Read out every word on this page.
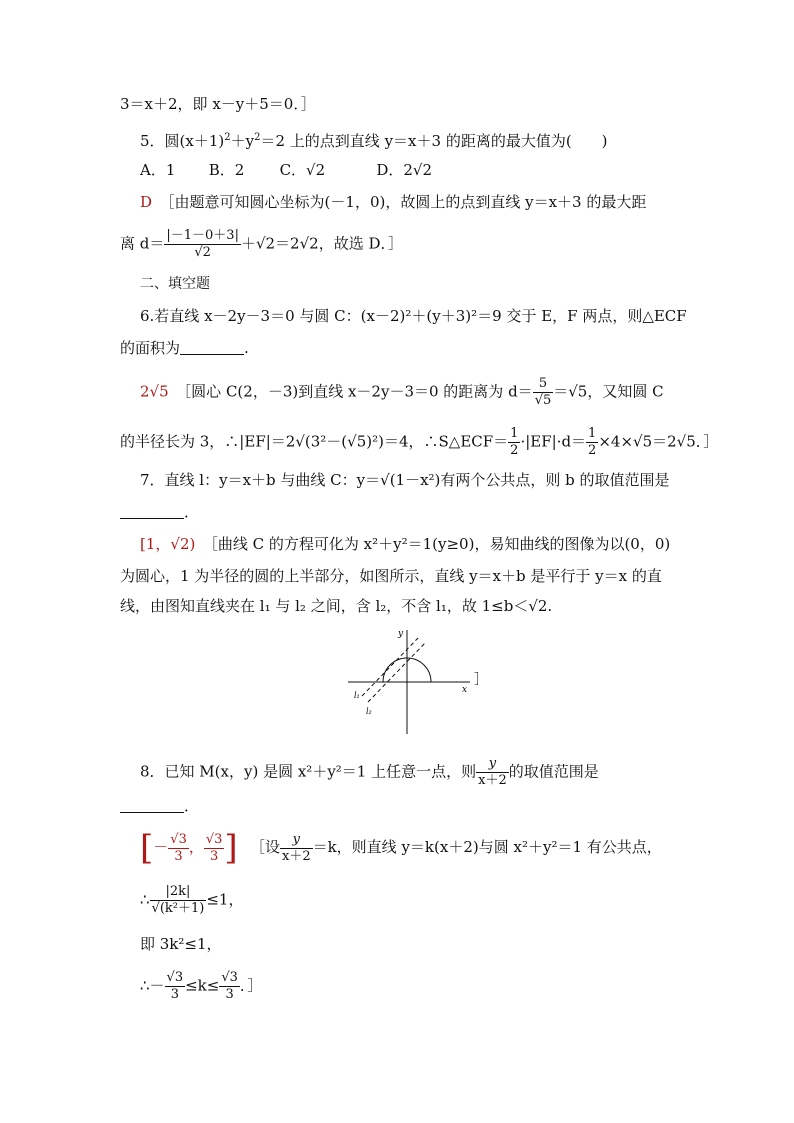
3＝x＋2，即 x－y＋5＝0．］
5．圆$(x+1)^2+y^2=2$ 上的点到直线 y＝x＋3 的距离的最大值为(　　)
A．1 B．2 C．√2	D．2√2
D　 ［由题意可知圆心坐标为(－1，0)，故圆上的点到直线 y＝x＋3 的最大距
离 $d= \frac{|-1-0+3|}{√2} +√2=2√2$，故选 D．］
二、填空题
6.若直线 x－2y－3＝0 与圆 C：(x－2)²＋(y＋3)²＝9 交于 E，F 两点，则△ECF
的面积为	.
2√5　 ［圆心 C(2，－3)到直线 x－2y－3＝0 的距离为 $d= \frac{5}{√5} =√5$，又知圆 C
的半径长为 3，∴|EF|＝2√(3²－(√5)²)＝4，∴S△ECF＝ $\frac{1}{2} \cdot|EF|\cdot d= \frac{1}{2} \times 4\times√5=2√5$．］
7．直线 l：y＝x＋b 与曲线 C：y＝√(1－x²)有两个公共点，则 b 的取值范围是
．
[1，√2)　 ［曲线 C 的方程可化为 x²＋y²＝1(y≥0)，易知曲线的图像为以(0，0)
为圆心，1 为半径的圆的上半部分，如图所示，直线 y＝x＋b 是平行于 y＝x 的直
线，由图知直线夹在 l₁ 与 l₂ 之间，含 l₂，不含 l₁，故 1≤b＜√2.
y
x
l₁
l₂
］
8．已知 M(x，y) 是圆 x²＋y²＝1 上任意一点，则 $\frac{y}{x+2}$ 的取值范围是
．
[－ $\frac{√3}{3}$ ， $\frac{√3}{3}$ ] 　 ［设 $\frac{y}{x+2} =k$，则直线 y＝k(x＋2)与圆 x²＋y²＝1 有公共点，
∴ $\frac{|2k|}{\text{√(k²＋1)}} \le 1$，
即 3k²≤1，
∴－ $\frac{√3}{3} \le k\le \frac{√3}{3}$ ．］
